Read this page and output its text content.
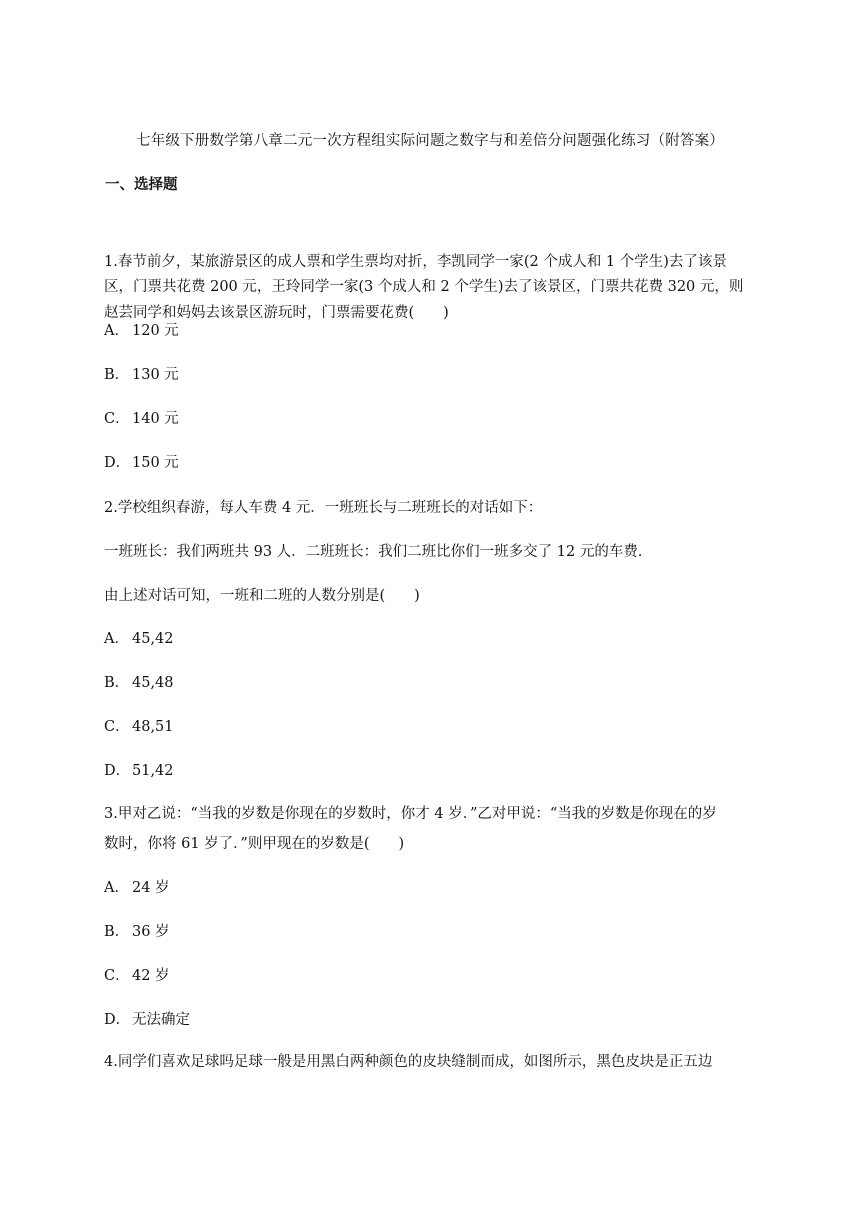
七年级下册数学第八章二元一次方程组实际问题之数字与和差倍分问题强化练习（附答案）
一、选择题
1.春节前夕，某旅游景区的成人票和学生票均对折，李凯同学一家(2 个成人和 1 个学生)去了该景
区，门票共花费 200 元，王玲同学一家(3 个成人和 2 个学生)去了该景区，门票共花费 320 元，则
赵芸同学和妈妈去该景区游玩时，门票需要花费(　　)
A． 120 元
B． 130 元
C． 140 元
D． 150 元
2.学校组织春游，每人车费 4 元．一班班长与二班班长的对话如下：
一班班长：我们两班共 93 人．二班班长：我们二班比你们一班多交了 12 元的车费．
由上述对话可知，一班和二班的人数分别是(　　)
A． 45,42
B． 45,48
C． 48,51
D． 51,42
3.甲对乙说：“当我的岁数是你现在的岁数时，你才 4 岁．”乙对甲说：“当我的岁数是你现在的岁
数时，你将 61 岁了．”则甲现在的岁数是(　　)
A． 24 岁
B． 36 岁
C． 42 岁
D． 无法确定
4.同学们喜欢足球吗足球一般是用黑白两种颜色的皮块缝制而成，如图所示，黑色皮块是正五边
